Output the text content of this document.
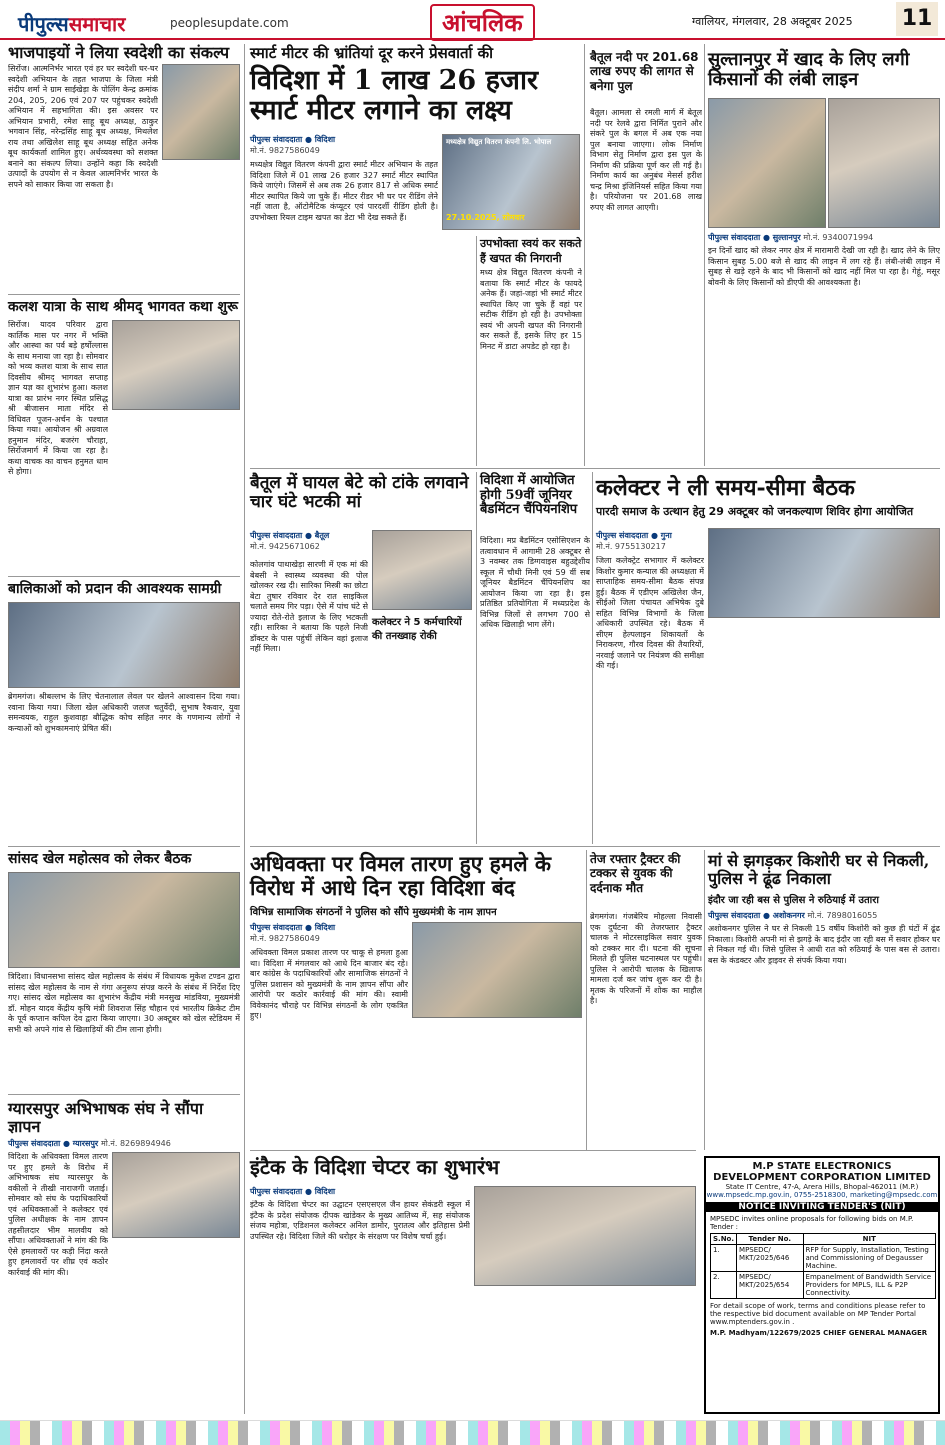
पीपुल्ससमाचार	peoplesupdate.com	आंचलिक	ग्वालियर, मंगलवार, 28 अक्टूबर 2025 11
भाजपाइयों ने लिया स्वदेशी का संकल्प
सिरोंज। आत्मनिर्भर भारत एवं हर घर स्वदेशी घर-घर स्वदेशी अभियान के तहत भाजपा के जिला मंत्री संदीप शर्मा ने ग्राम साईखेड़ा के पोलिंग केन्द्र क्रमांक 204, 205, 206 एवं 207 पर पहुंचकर स्वदेशी अभियान में सहभागिता की। इस अवसर पर अभियान प्रभारी, रमेश साहू बूथ अध्यक्ष, ठाकुर भगवान सिंह, नरेन्द्रसिंह साहू बूथ अध्यक्ष, मिथलेश राय तथा अखिलेश साहू बूथ अध्यक्ष सहित अनेक बूथ कार्यकर्ता शामिल हुए। अर्थव्यवस्था को सशक्त बनाने का संकल्प लिया। उन्होंने कहा कि स्वदेशी उत्पादों के उपयोग से न केवल आत्मनिर्भर भारत के सपने को साकार किया जा सकता है।
कलश यात्रा के साथ श्रीमद् भागवत कथा शुरू
सिरोंज। यादव परिवार द्वारा कार्तिक मास पर नगर में भक्ति और आस्था का पर्व बड़े हर्षोल्लास के साथ मनाया जा रहा है। सोमवार को भव्य कलश यात्रा के साथ सात दिवसीय श्रीमद् भागवत सप्ताह ज्ञान यज्ञ का शुभारंभ हुआ। कलश यात्रा का प्रारंभ नगर स्थित प्रसिद्ध श्री बीजासन माता मंदिर से विधिवत पूजन-अर्चन के पश्चात किया गया। आयोजन श्री अग्रवाल हनुमान मंदिर, बजरंग चौराहा, सिरोंजमार्ग में किया जा रहा है। कथा वाचक का वाचन हनुमत धाम से होगा।
बालिकाओं को प्रदान की आवश्यक सामग्री
ब्रेगमगंज। श्रीबल्लभ के लिए चेतनालाल लेवल पर खेलने आश्वासन दिया गया। रवाना किया गया। जिला खेल अधिकारी जलज चतुर्वेदी, सुभाष रैकवार, युवा समन्वयक, राहुल कुशवाहा बौद्धिक कोच सहित नगर के गणमान्य लोगों ने कन्याओं को शुभकामनाएं प्रेषित कीं।
सांसद खेल महोत्सव को लेकर बैठक
त्रिदिशा। विधानसभा सांसद खेल महोत्सव के संबंध में विधायक मुकेश टण्डन द्वारा सांसद खेल महोत्सव के नाम से गंगा अनुरूप संपन्न करने के संबंध में निर्देश दिए गए। सांसद खेल महोत्सव का शुभारंभ केंद्रीय मंत्री मनसुख मांडविया, मुख्यमंत्री डॉ. मोहन यादव केंद्रीय कृषि मंत्री शिवराज सिंह चौहान एवं भारतीय क्रिकेट टीम के पूर्व कप्तान कपिल देव द्वारा किया जाएगा। 30 अक्टूबर को खेल स्टेडियम में सभी को अपने गांव से खिलाड़ियों की टीम लाना होगी।
ग्यारसपुर अभिभाषक संघ ने सौंपा ज्ञापन
पीपुल्स संवाददाता ● ग्यारसपुर मो.नं. 8269894946
विदिशा के अधिवक्ता विमल तारण पर हुए हमले के विरोध में अभिभाषक संघ ग्यारसपुर के वकीलों ने तीखी नाराजगी जताई। सोमवार को संघ के पदाधिकारियों एवं अधिवक्ताओं ने कलेक्टर एवं पुलिस अधीक्षक के नाम ज्ञापन तहसीलदार भीम मालवीय को सौंपा। अधिवक्ताओं ने मांग की कि ऐसे हमलावरों पर कड़ी निंदा करते हुए हमलावरों पर शीघ्र एवं कठोर कार्रवाई की मांग की।
स्मार्ट मीटर की भ्रांतियां दूर करने प्रेसवार्ता की
विदिशा में 1 लाख 26 हजार स्मार्ट मीटर लगाने का लक्ष्य
पीपुल्स संवाददाता ● विदिशा
मो.नं. 9827586049
मध्यक्षेत्र विद्युत वितरण कंपनी लि. भोपाल
27.10.2025, सोमवार
मध्यक्षेत्र विद्युत वितरण कंपनी द्वारा स्मार्ट मीटर अभियान के तहत विदिशा जिले में 01 लाख 26 हजार 327 स्मार्ट मीटर स्थापित किये जाएंगे। जिसमें से अब तक 26 हजार 817 से अधिक स्मार्ट मीटर स्थापित किये जा चुके हैं। मीटर रीडर भी घर पर रीडिंग लेने नहीं जाता है, ऑटोमैटिक कंप्यूटर एवं पारदर्शी रीडिंग होती है। उपभोक्ता रियल टाइम खपत का डेटा भी देख सकते हैं।
उपभोक्ता स्वयं कर सकते हैं खपत की निगरानी
मध्य क्षेत्र विद्युत वितरण कंपनी ने बताया कि स्मार्ट मीटर के फायदे अनेक हैं। जहां-जहां भी स्मार्ट मीटर स्थापित किए जा चुके हैं वहां पर सटीक रीडिंग हो रही है। उपभोक्ता स्वयं भी अपनी खपत की निगरानी कर सकते हैं, इसके लिए हर 15 मिनट में डाटा अपडेट हो रहा है।
बैतूल नदी पर 201.68 लाख रुपए की लागत से बनेगा पुल
बैतूल। आमला से रमली मार्ग में बेतूल नदी पर रेलवे द्वारा निर्मित पुराने और संकरे पुल के बगल में अब एक नया पुल बनाया जाएगा। लोक निर्माण विभाग सेतु निर्माण द्वारा इस पुल के निर्माण की प्रक्रिया पूर्ण कर ली गई है। निर्माण कार्य का अनुबंध मेसर्स हरीश चन्द्र मिश्रा इंजिनियर्स सहित किया गया है। परियोजना पर 201.68 लाख रुपए की लागत आएगी।
सुल्तानपुर में खाद के लिए लगी किसानों की लंबी लाइन
पीपुल्स संवाददाता ● सुल्तानपुर मो.नं. 9340071994
इन दिनों खाद को लेकर नगर क्षेत्र में मारामारी देखी जा रही है। खाद लेने के लिए किसान सुबह 5.00 बजे से खाद की लाइन में लग रहे हैं। लंबी-लंबी लाइन में सुबह से खड़े रहने के बाद भी किसानों को खाद नहीं मिल पा रहा है। गेहूं, मसूर बोवनी के लिए किसानों को डीएपी की आवश्यकता है।
बैतूल में घायल बेटे को टांके लगवाने चार घंटे भटकी मां
पीपुल्स संवाददाता ● बैतूल
मो.नं. 9425671062
कोलगांव पाथाखेड़ा सारणी में एक मां की बेबसी ने स्वास्थ्य व्यवस्था की पोल खोलकर रख दी। सारिका मिस्त्री का छोटा बेटा तुषार रविवार देर रात साइकिल चलाते समय गिर पड़ा। ऐसे में पांच घंटे से ज्यादा रोते-रोते इलाज के लिए भटकती रही। सारिका ने बताया कि पहले निजी डॉक्टर के पास पहुंचीं लेकिन वहां इलाज नहीं मिला।
कलेक्टर ने 5 कर्मचारियों की तनख्वाह रोकी
विदिशा में आयोजित होगी 59वीं जूनियर बैडमिंटन चैंपियनशिप
विदिशा। मप्र बैडमिंटन एसोसिएशन के तत्वावधान में आगामी 28 अक्टूबर से 3 नवम्बर तक डिग्गवाइस बहुउद्देशीय स्कूल में चौथी मिनी एवं 59 वीं सब जूनियर बैडमिंटन चैंपियनशिप का आयोजन किया जा रहा है। इस प्रतिष्ठित प्रतियोगिता में मध्यप्रदेश के विभिन्न जिलों से लगभग 700 से अधिक खिलाड़ी भाग लेंगे।
कलेक्टर ने ली समय-सीमा बैठक
पारदी समाज के उत्थान हेतु 29 अक्टूबर को जनकल्याण शिविर होगा आयोजित
पीपुल्स संवाददाता ● गुना
मो.नं. 9755130217
जिला कलेक्ट्रेट सभागार में कलेक्टर किशोर कुमार कन्याल की अध्यक्षता में साप्ताहिक समय-सीमा बैठक संपन्न हुई। बैठक में एडीएम अखिलेश जैन, सीईओ जिला पंचायत अभिषेक दुबे सहित विभिन्न विभागों के जिला अधिकारी उपस्थित रहे। बैठक में सीएम हेल्पलाइन शिकायतों के निराकरण, गौरव दिवस की तैयारियों, नरवाई जलाने पर नियंत्रण की समीक्षा की गई।
अधिवक्ता पर विमल तारण हुए हमले के विरोध में आधे दिन रहा विदिशा बंद
विभिन्न सामाजिक संगठनों ने पुलिस को सौंपे मुख्यमंत्री के नाम ज्ञापन
पीपुल्स संवाददाता ● विदिशा
मो.नं. 9827586049
अधिवक्ता विमल प्रकाश तारण पर चाकू से हमला हुआ था। विदिशा में मंगलवार को आधे दिन बाजार बंद रहे। बार कांग्रेस के पदाधिकारियों और सामाजिक संगठनों ने पुलिस प्रशासन को मुख्यमंत्री के नाम ज्ञापन सौंपा और आरोपी पर कठोर कार्रवाई की मांग की। स्वामी विवेकानंद चौराहे पर विभिन्न संगठनों के लोग एकत्रित हुए।
तेज रफ्तार ट्रैक्टर की टक्कर से युवक की दर्दनाक मौत
ब्रेगमगंज। गंजबेरिय मोहल्ला निवासी एक दुर्घटना की तेजरफ्तार ट्रैक्टर चालक ने मोटरसाइकिल सवार युवक को टक्कर मार दी। घटना की सूचना मिलते ही पुलिस घटनास्थल पर पहुंची। पुलिस ने आरोपी चालक के खिलाफ मामला दर्ज कर जांच शुरू कर दी है। मृतक के परिजनों में शोक का माहौल है।
मां से झगड़कर किशोरी घर से निकली, पुलिस ने ढूंढ निकाला
इंदौर जा रही बस से पुलिस ने रुठियाई में उतारा
पीपुल्स संवाददाता ● अशोकनगर मो.नं. 7898016055
अशोकनगर पुलिस ने घर से निकली 15 वर्षीय किशोरी को कुछ ही घंटों में ढूंढ निकाला। किशोरी अपनी मां से झगड़े के बाद इंदौर जा रही बस में सवार होकर घर से निकल गई थी। जिसे पुलिस ने आधी रात को रुठियाई के पास बस से उतारा। बस के कंडक्टर और ड्राइवर से संपर्क किया गया।
इंटैक के विदिशा चेप्टर का शुभारंभ
पीपुल्स संवाददाता ● विदिशा
इंटैक के विदिशा चेप्टर का उद्घाटन एसएसएल जैन हायर सेकंडरी स्कूल में इंटैक के प्रदेश संयोजक दीपक खांडेकर के मुख्य आतिथ्य में, सह संयोजक संजय महोत्रा, एडिशनल कलेक्टर अनिल डामोर, पुरातत्व और इतिहास प्रेमी उपस्थित रहे। विदिशा जिले की धरोहर के संरक्षण पर विशेष चर्चा हुई।
M.P STATE ELECTRONICS DEVELOPMENT CORPORATION LIMITED
State IT Centre, 47-A, Arera Hills, Bhopal-462011 (M.P.)
www.mpsedc.mp.gov.in, 0755-2518300, marketing@mpsedc.com
NOTICE INVITING TENDER'S (NIT)
MPSEDC invites online proposals for following bids on M.P. Tender :
S.No.	Tender No.	NIT
1.	MPSEDC/ MKT/2025/646	RFP for Supply, Installation, Testing and Commissioning of Degausser Machine.
2.	MPSEDC/ MKT/2025/654	Empanelment of Bandwidth Service Providers for MPLS, ILL & P2P Connectivity.
For detail scope of work, terms and conditions please refer to the respective bid document available on MP Tender Portal www.mptenders.gov.in .
M.P. Madhyam/122679/2025 CHIEF GENERAL MANAGER
